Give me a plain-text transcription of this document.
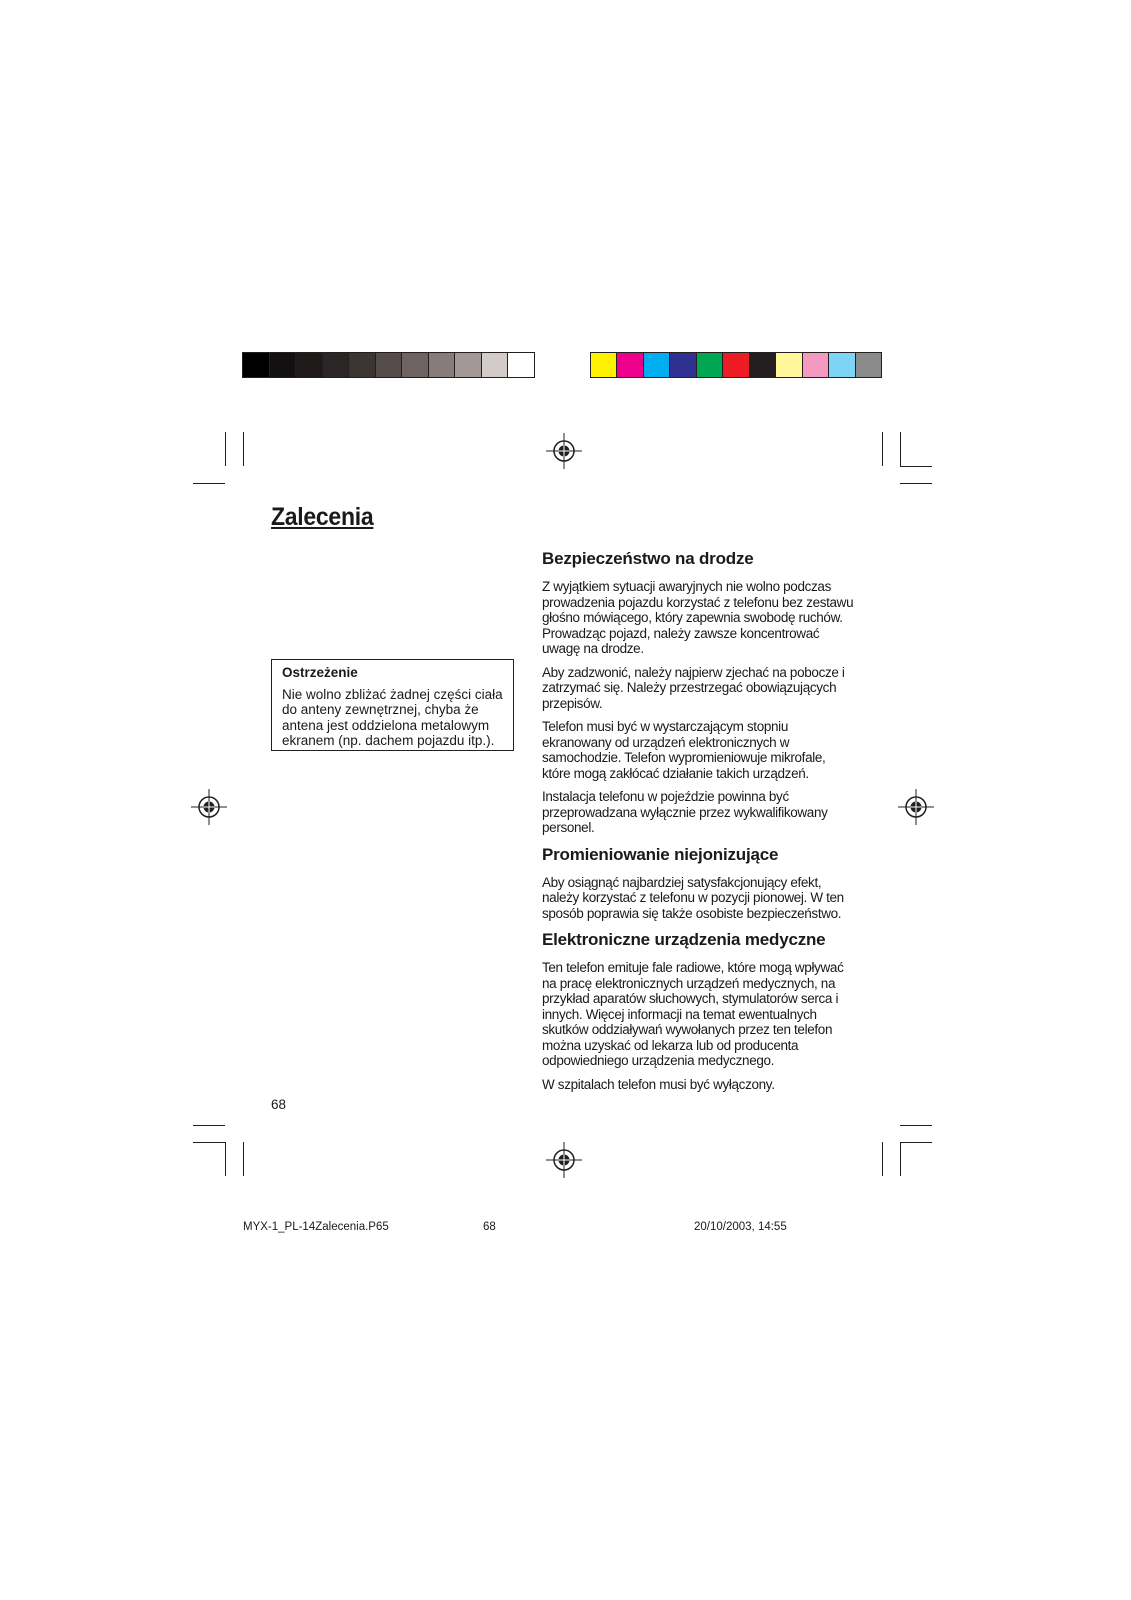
Zalecenia
Ostrzeżenie
Nie wolno zbliżać żadnej części ciała do anteny zewnętrznej, chyba że antena jest oddzielona metalowym ekranem (np. dachem pojazdu itp.).
Bezpieczeństwo na drodze

Z wyjątkiem sytuacji awaryjnych nie wolno podczas prowadzenia pojazdu korzystać z telefonu bez zestawu głośno mówiącego, który zapewnia swobodę ruchów. Prowadząc pojazd, należy zawsze koncentrować uwagę na drodze.

Aby zadzwonić, należy najpierw zjechać na pobocze i zatrzymać się. Należy przestrzegać obowiązujących przepisów.

Telefon musi być w wystarczającym stopniu ekranowany od urządzeń elektronicznych w samochodzie. Telefon wypromieniowuje mikrofale, które mogą zakłócać działanie takich urządzeń.

Instalacja telefonu w pojeździe powinna być przeprowadzana wyłącznie przez wykwalifikowany personel.

Promieniowanie niejonizujące

Aby osiągnąć najbardziej satysfakcjonujący efekt, należy korzystać z telefonu w pozycji pionowej. W ten sposób poprawia się także osobiste bezpieczeństwo.

Elektroniczne urządzenia medyczne

Ten telefon emituje fale radiowe, które mogą wpływać na pracę elektronicznych urządzeń medycznych, na przykład aparatów słuchowych, stymulatorów serca i innych. Więcej informacji na temat ewentualnych skutków oddziaływań wywołanych przez ten telefon można uzyskać od lekarza lub od producenta odpowiedniego urządzenia medycznego.

W szpitalach telefon musi być wyłączony.

68
MYX-1_PL-14Zalecenia.P65	68	20/10/2003, 14:55
